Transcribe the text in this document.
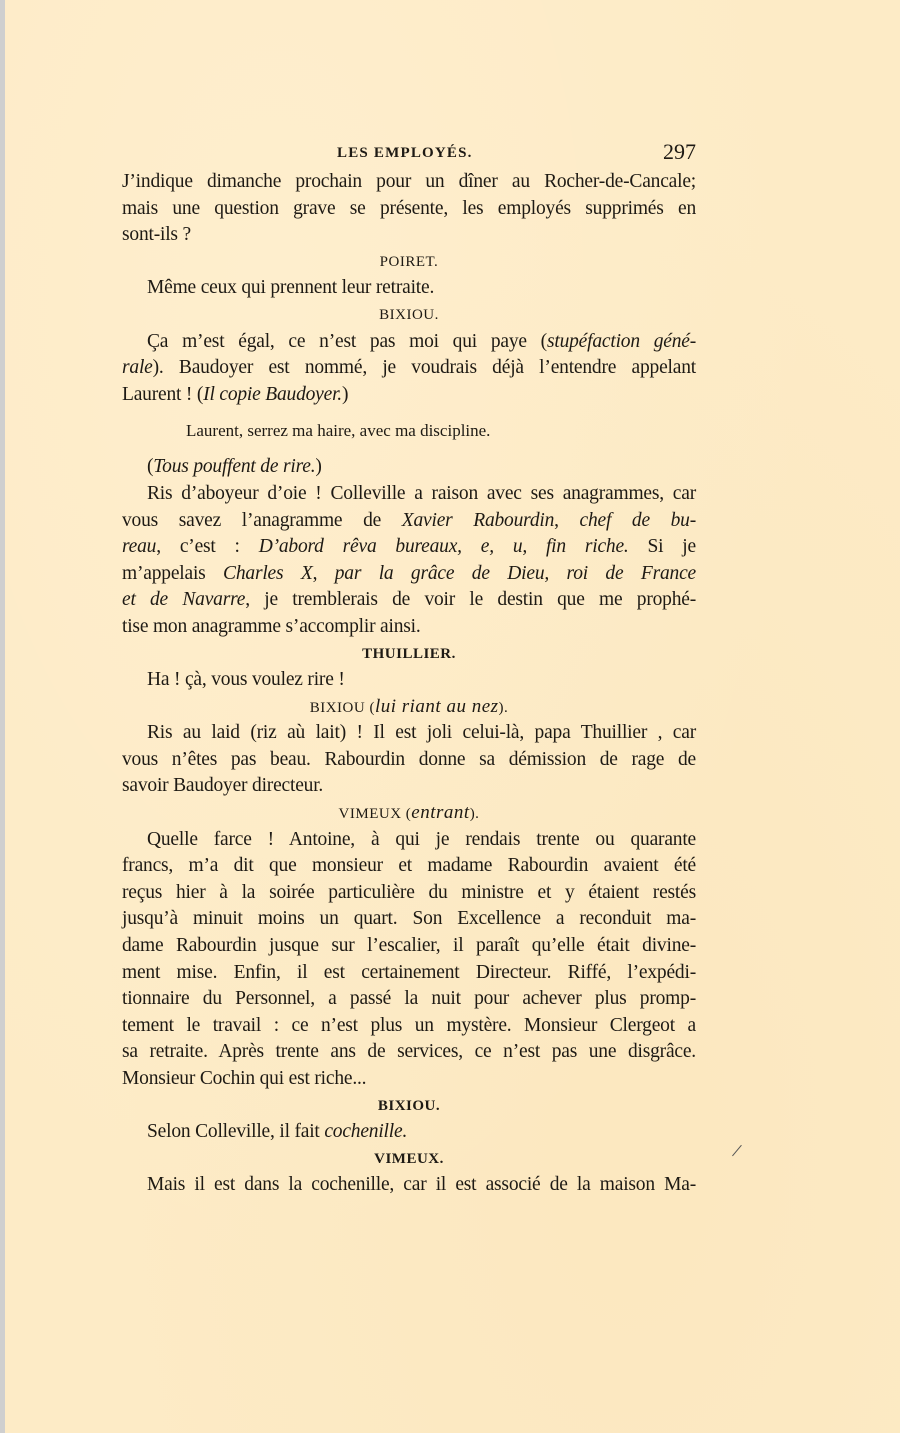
LES EMPLOYÉS.	297
J’indique dimanche prochain pour un dîner au Rocher-de-Cancale;
mais une question grave se présente, les employés supprimés en
sont-ils ?
POIRET.
Même ceux qui prennent leur retraite.
BIXIOU.
Ça m’est égal, ce n’est pas moi qui paye (stupéfaction géné-
rale). Baudoyer est nommé, je voudrais déjà l’entendre appelant
Laurent ! (Il copie Baudoyer.)
Laurent, serrez ma haire, avec ma discipline.
(Tous pouffent de rire.)
Ris d’aboyeur d’oie ! Colleville a raison avec ses anagrammes, car
vous savez l’anagramme de Xavier Rabourdin, chef de bu-
reau, c’est : D’abord rêva bureaux, e, u, fin riche. Si je
m’appelais Charles X, par la grâce de Dieu, roi de France
et de Navarre, je tremblerais de voir le destin que me prophé-
tise mon anagramme s’accomplir ainsi.
THUILLIER.
Ha ! çà, vous voulez rire !
BIXIOU (lui riant au nez).
Ris au laid (riz aù lait) ! Il est joli celui-là, papa Thuillier , car
vous n’êtes pas beau. Rabourdin donne sa démission de rage de
savoir Baudoyer directeur.
VIMEUX (entrant).
Quelle farce ! Antoine, à qui je rendais trente ou quarante
francs, m’a dit que monsieur et madame Rabourdin avaient été
reçus hier à la soirée particulière du ministre et y étaient restés
jusqu’à minuit moins un quart. Son Excellence a reconduit ma-
dame Rabourdin jusque sur l’escalier, il paraît qu’elle était divine-
ment mise. Enfin, il est certainement Directeur. Riffé, l’expédi-
tionnaire du Personnel, a passé la nuit pour achever plus promp-
tement le travail : ce n’est plus un mystère. Monsieur Clergeot a
sa retraite. Après trente ans de services, ce n’est pas une disgrâce.
Monsieur Cochin qui est riche...
BIXIOU.
Selon Colleville, il fait cochenille.
VIMEUX.
Mais il est dans la cochenille, car il est associé de la maison Ma-
